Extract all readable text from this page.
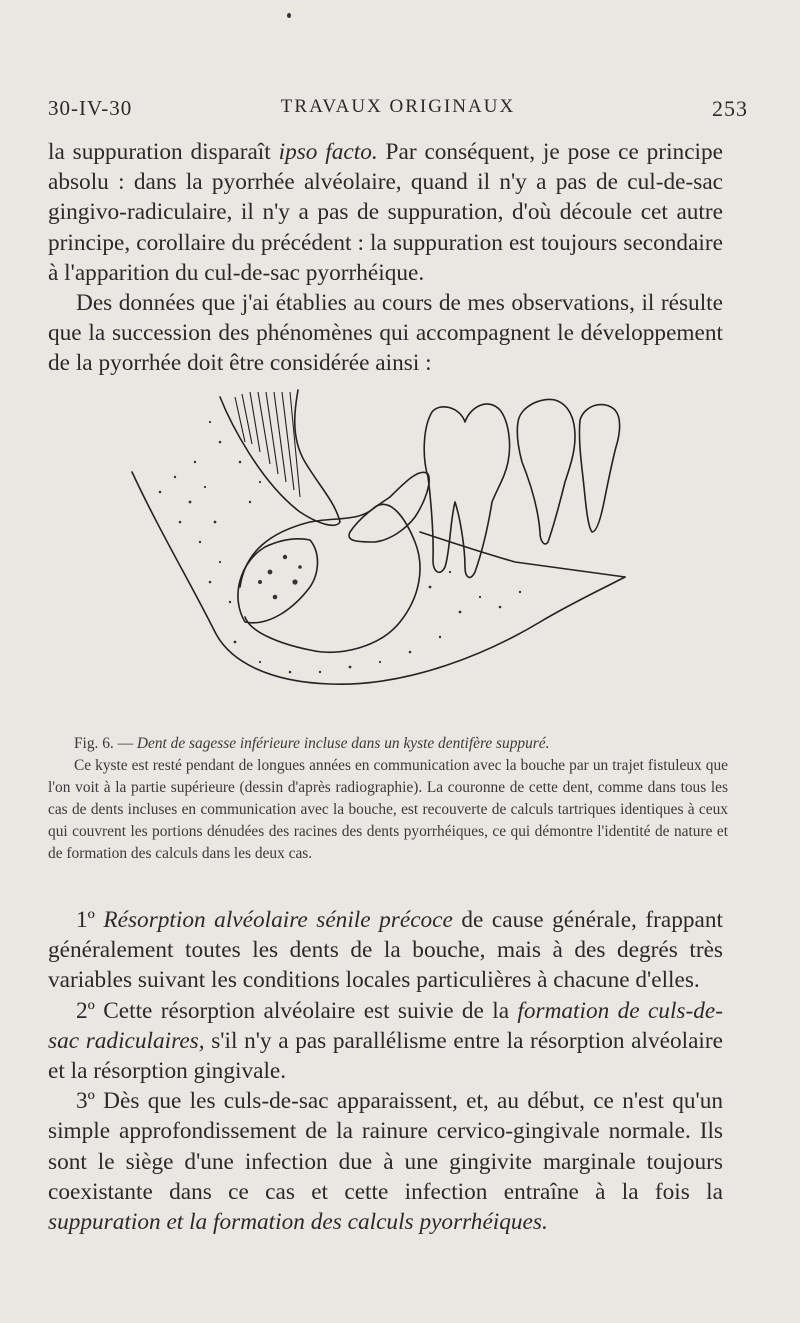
30-IV-30	TRAVAUX ORIGINAUX	253

la suppuration disparaît ipso facto. Par conséquent, je pose ce principe absolu : dans la pyorrhée alvéolaire, quand il n'y a pas de cul-de-sac gingivo-radiculaire, il n'y a pas de suppuration, d'où découle cet autre principe, corollaire du précédent : la suppuration est toujours secondaire à l'apparition du cul-de-sac pyorrhéique.

Des données que j'ai établies au cours de mes observations, il résulte que la succession des phénomènes qui accompagnent le développement de la pyorrhée doit être considérée ainsi :

Fig. 6. — Dent de sagesse inférieure incluse dans un kyste dentifère suppuré.
Ce kyste est resté pendant de longues années en communication avec la bouche par un trajet fistuleux que l'on voit à la partie supérieure (dessin d'après radiographie). La couronne de cette dent, comme dans tous les cas de dents incluses en communication avec la bouche, est recouverte de calculs tartriques identiques à ceux qui couvrent les portions dénudées des racines des dents pyorrhéiques, ce qui démontre l'identité de nature et de formation des calculs dans les deux cas.

1º Résorption alvéolaire sénile précoce de cause générale, frappant généralement toutes les dents de la bouche, mais à des degrés très variables suivant les conditions locales particulières à chacune d'elles.

2º Cette résorption alvéolaire est suivie de la formation de culs-de-sac radiculaires, s'il n'y a pas parallélisme entre la résorption alvéolaire et la résorption gingivale.

3º Dès que les culs-de-sac apparaissent, et, au début, ce n'est qu'un simple approfondissement de la rainure cervico-gingivale normale. Ils sont le siège d'une infection due à une gingivite marginale toujours coexistante dans ce cas et cette infection entraîne à la fois la suppuration et la formation des calculs pyorrhéiques.
